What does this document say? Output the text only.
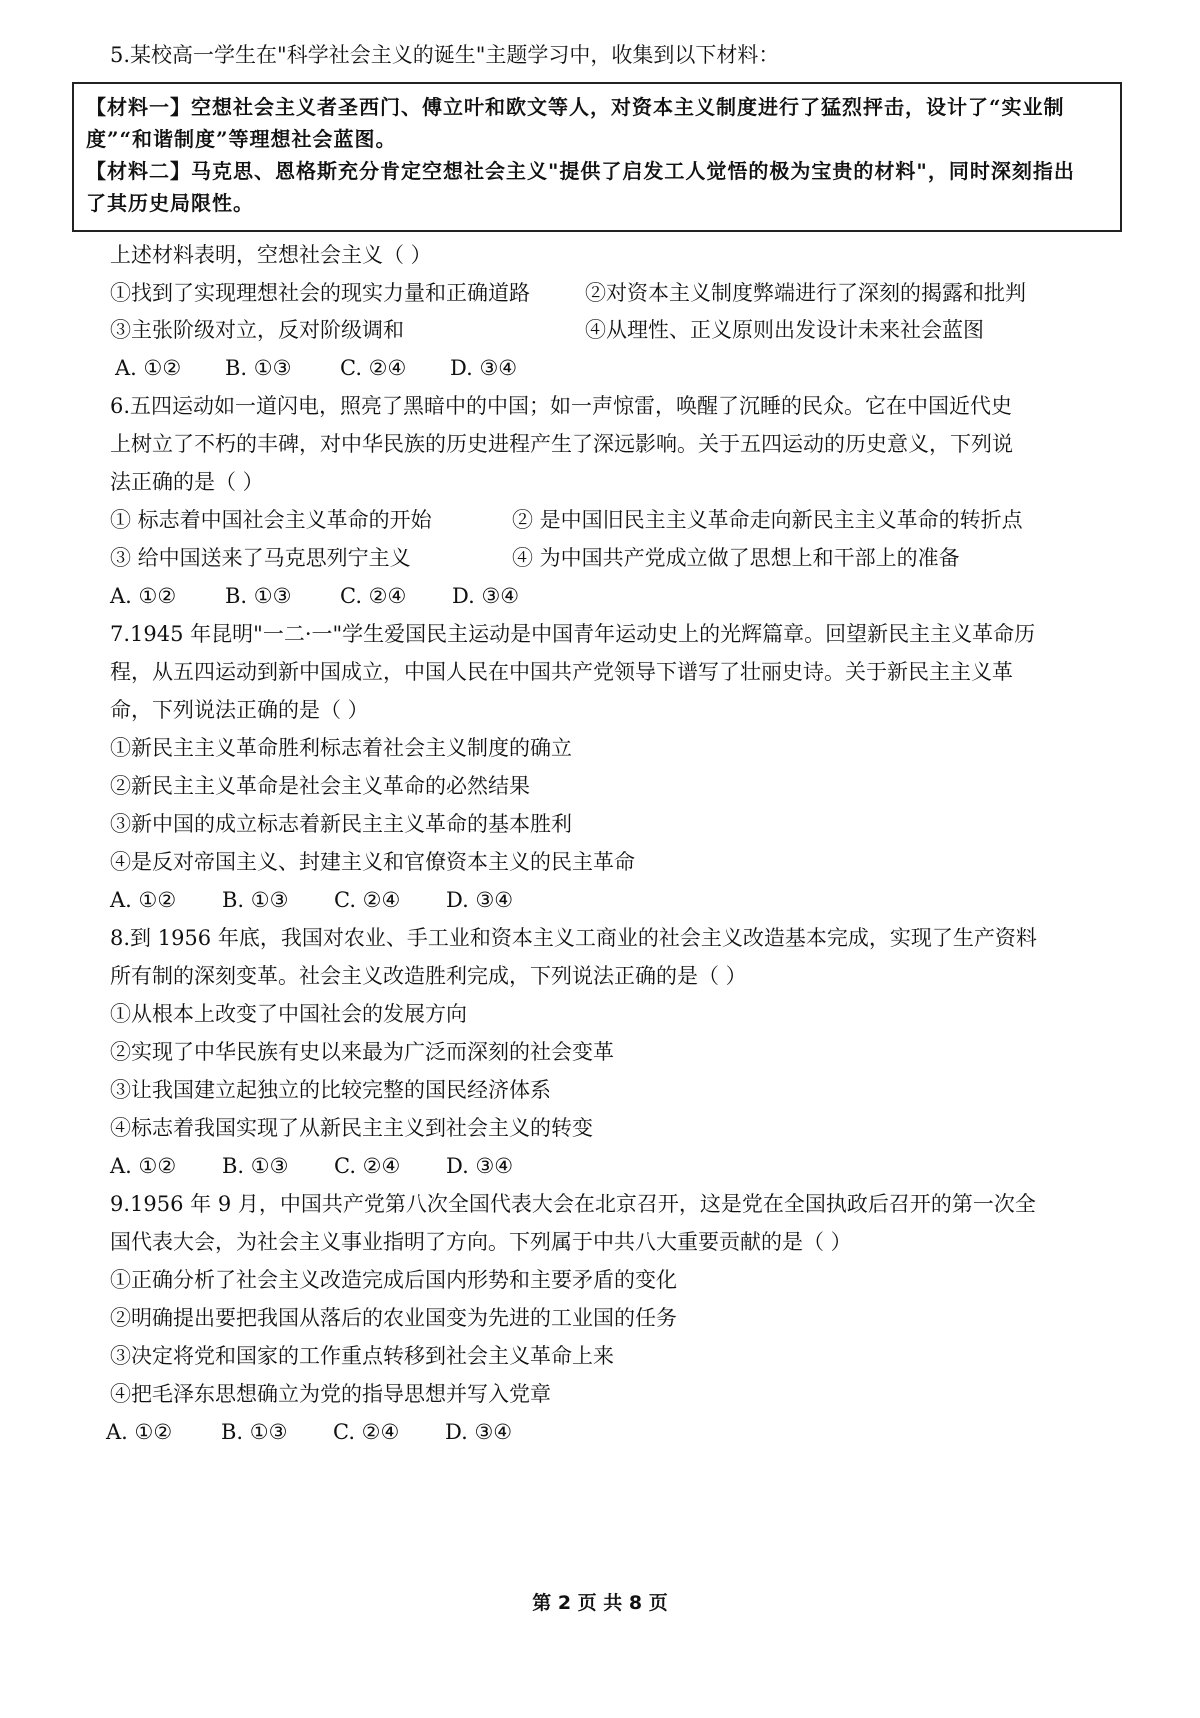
5.某校高一学生在"科学社会主义的诞生"主题学习中，收集到以下材料：
【材料一】空想社会主义者圣西门、傅立叶和欧文等人，对资本主义制度进行了猛烈抨击，设计了“实业制
度”“和谐制度”等理想社会蓝图。
【材料二】马克思、恩格斯充分肯定空想社会主义"提供了启发工人觉悟的极为宝贵的材料"，同时深刻指出
了其历史局限性。
上述材料表明，空想社会主义（ ）
①找到了实现理想社会的现实力量和正确道路	②对资本主义制度弊端进行了深刻的揭露和批判
③主张阶级对立，反对阶级调和	④从理性、正义原则出发设计未来社会蓝图
A. ①② B. ①③ C. ②④ D. ③④
6.五四运动如一道闪电，照亮了黑暗中的中国；如一声惊雷，唤醒了沉睡的民众。它在中国近代史
上树立了不朽的丰碑，对中华民族的历史进程产生了深远影响。关于五四运动的历史意义，下列说
法正确的是（ ）
① 标志着中国社会主义革命的开始	② 是中国旧民主主义革命走向新民主主义革命的转折点
③ 给中国送来了马克思列宁主义	④ 为中国共产党成立做了思想上和干部上的准备
A. ①② B. ①③ C. ②④ D. ③④
7.1945 年昆明"一二·一"学生爱国民主运动是中国青年运动史上的光辉篇章。回望新民主主义革命历
程，从五四运动到新中国成立，中国人民在中国共产党领导下谱写了壮丽史诗。关于新民主主义革
命，下列说法正确的是（ ）
①新民主主义革命胜利标志着社会主义制度的确立
②新民主主义革命是社会主义革命的必然结果
③新中国的成立标志着新民主主义革命的基本胜利
④是反对帝国主义、封建主义和官僚资本主义的民主革命
A. ①② B. ①③ C. ②④ D. ③④
8.到 1956 年底，我国对农业、手工业和资本主义工商业的社会主义改造基本完成，实现了生产资料
所有制的深刻变革。社会主义改造胜利完成，下列说法正确的是（ ）
①从根本上改变了中国社会的发展方向
②实现了中华民族有史以来最为广泛而深刻的社会变革
③让我国建立起独立的比较完整的国民经济体系
④标志着我国实现了从新民主主义到社会主义的转变
A. ①② B. ①③ C. ②④ D. ③④
9.1956 年 9 月，中国共产党第八次全国代表大会在北京召开，这是党在全国执政后召开的第一次全
国代表大会，为社会主义事业指明了方向。下列属于中共八大重要贡献的是（ ）
①正确分析了社会主义改造完成后国内形势和主要矛盾的变化
②明确提出要把我国从落后的农业国变为先进的工业国的任务
③决定将党和国家的工作重点转移到社会主义革命上来
④把毛泽东思想确立为党的指导思想并写入党章
A. ①② B. ①③ C. ②④ D. ③④
第 2 页 共 8 页
